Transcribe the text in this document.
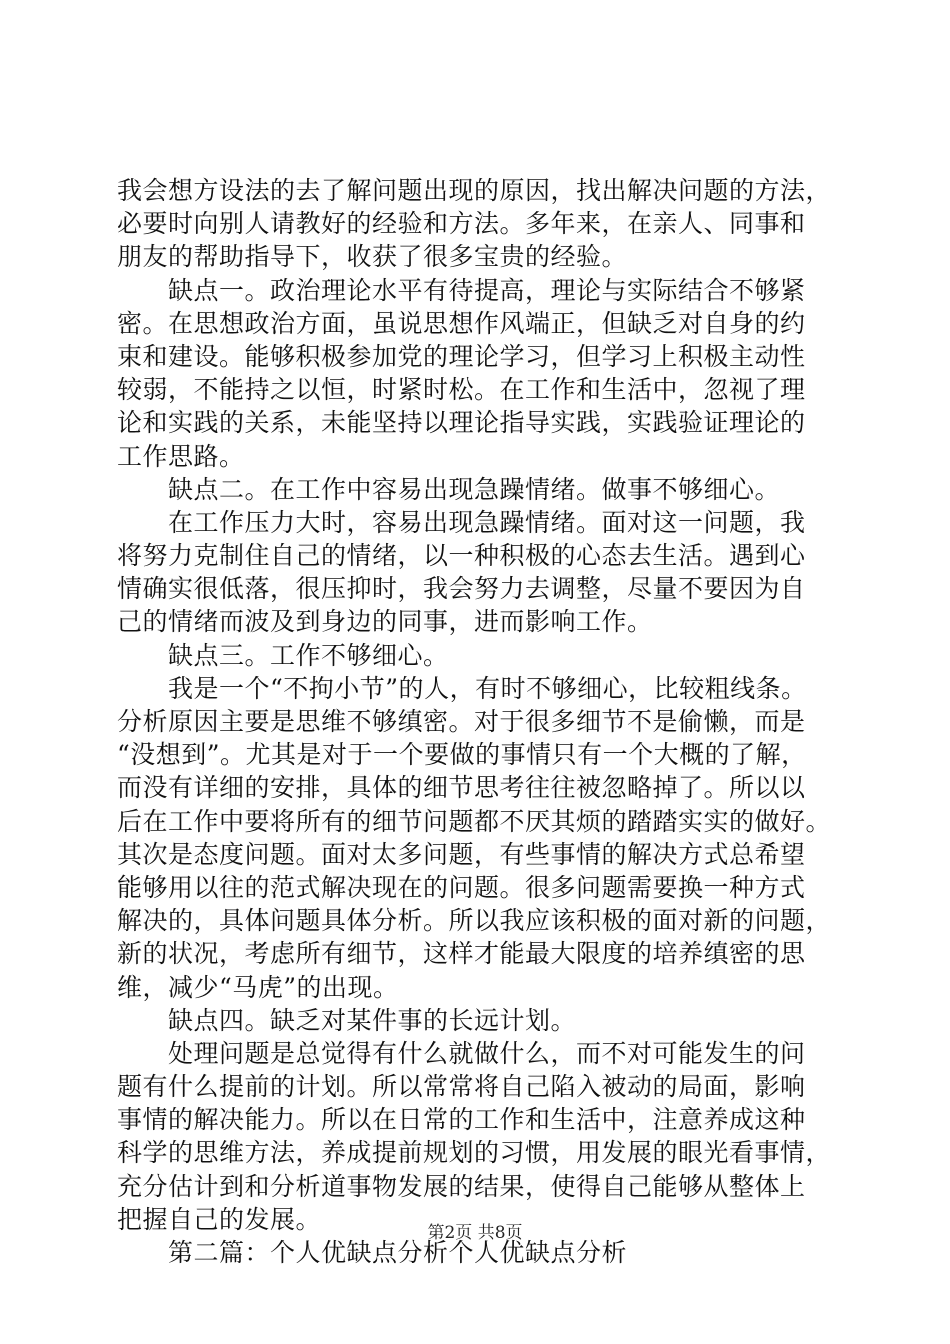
我会想方设法的去了解问题出现的原因，找出解决问题的方法，
必要时向别人请教好的经验和方法。多年来，在亲人、同事和
朋友的帮助指导下，收获了很多宝贵的经验。
　　缺点一。政治理论水平有待提高，理论与实际结合不够紧
密。在思想政治方面，虽说思想作风端正，但缺乏对自身的约
束和建设。能够积极参加党的理论学习，但学习上积极主动性
较弱，不能持之以恒，时紧时松。在工作和生活中，忽视了理
论和实践的关系，未能坚持以理论指导实践，实践验证理论的
工作思路。
　　缺点二。在工作中容易出现急躁情绪。做事不够细心。
　　在工作压力大时，容易出现急躁情绪。面对这一问题，我
将努力克制住自己的情绪，以一种积极的心态去生活。遇到心
情确实很低落，很压抑时，我会努力去调整，尽量不要因为自
己的情绪而波及到身边的同事，进而影响工作。
　　缺点三。工作不够细心。
　　我是一个“不拘小节”的人，有时不够细心，比较粗线条。
分析原因主要是思维不够缜密。对于很多细节不是偷懒，而是
“没想到”。尤其是对于一个要做的事情只有一个大概的了解，
而没有详细的安排，具体的细节思考往往被忽略掉了。所以以
后在工作中要将所有的细节问题都不厌其烦的踏踏实实的做好。
其次是态度问题。面对太多问题，有些事情的解决方式总希望
能够用以往的范式解决现在的问题。很多问题需要换一种方式
解决的，具体问题具体分析。所以我应该积极的面对新的问题，
新的状况，考虑所有细节，这样才能最大限度的培养缜密的思
维，减少“马虎”的出现。
　　缺点四。缺乏对某件事的长远计划。
　　处理问题是总觉得有什么就做什么，而不对可能发生的问
题有什么提前的计划。所以常常将自己陷入被动的局面，影响
事情的解决能力。所以在日常的工作和生活中，注意养成这种
科学的思维方法，养成提前规划的习惯，用发展的眼光看事情，
充分估计到和分析道事物发展的结果，使得自己能够从整体上
把握自己的发展。
　　第二篇：个人优缺点分析个人优缺点分析
第2页 共8页
